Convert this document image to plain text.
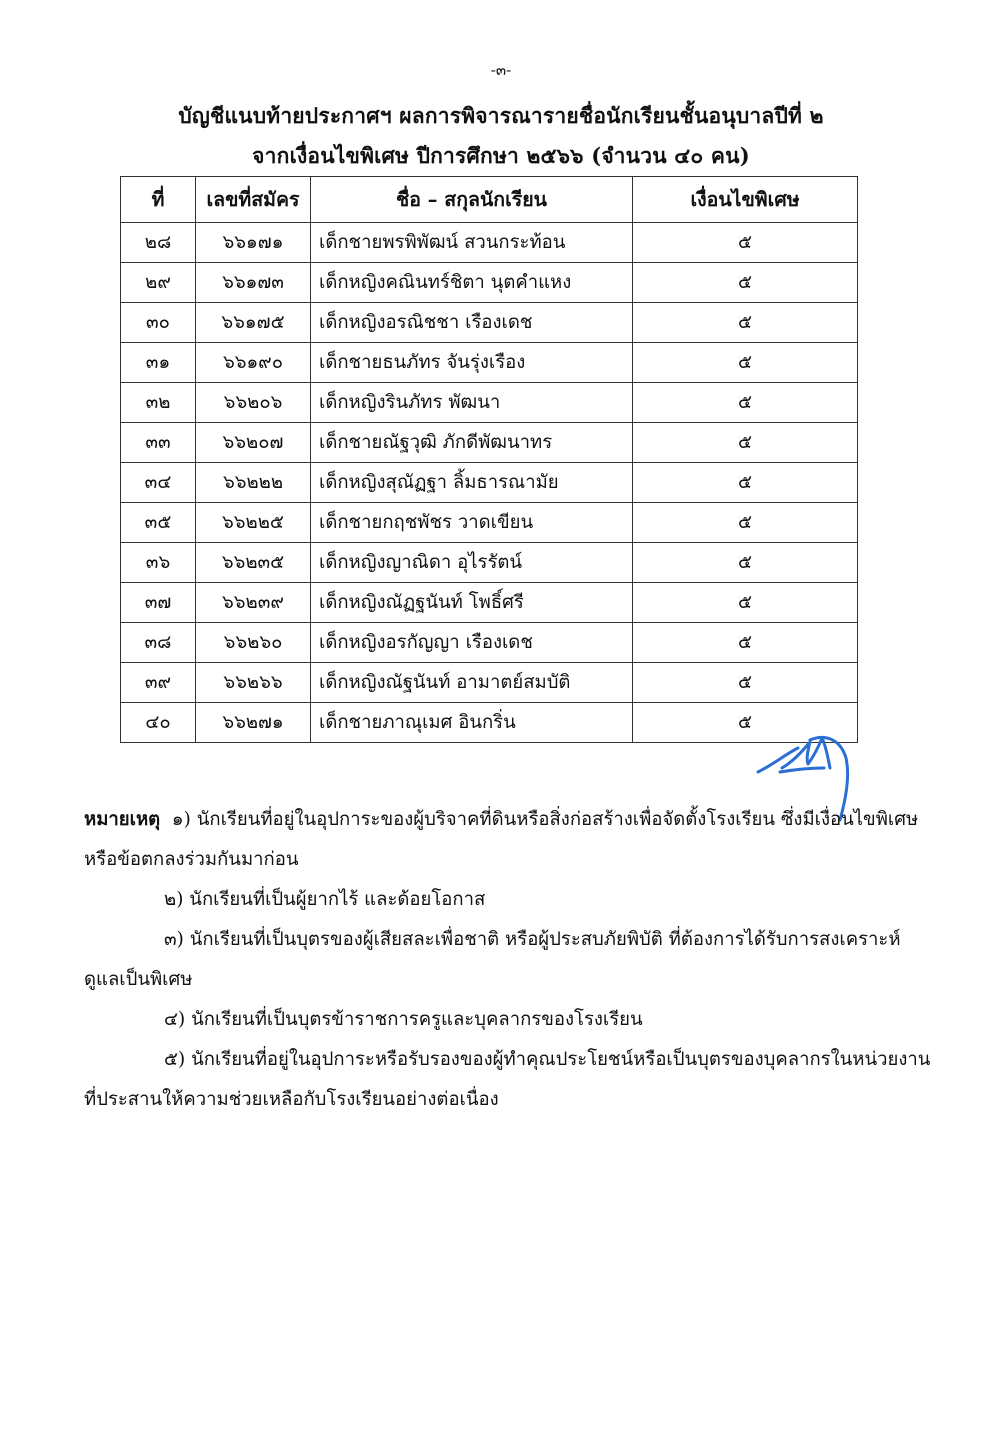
-๓-
บัญชีแนบท้ายประกาศฯ ผลการพิจารณารายชื่อนักเรียนชั้นอนุบาลปีที่ ๒
จากเงื่อนไขพิเศษ ปีการศึกษา ๒๕๖๖ (จำนวน ๔๐ คน)
ที่	เลขที่สมัคร	ชื่อ – สกุลนักเรียน	เงื่อนไขพิเศษ
๒๘	๖๖๑๗๑	เด็กชายพรพิพัฒน์ สวนกระท้อน	๕
๒๙	๖๖๑๗๓	เด็กหญิงคณินทร์ชิตา นุตคำแหง	๕
๓๐	๖๖๑๗๕	เด็กหญิงอรณิชชา เรืองเดช	๕
๓๑	๖๖๑๙๐	เด็กชายธนภัทร จันรุ่งเรือง	๕
๓๒	๖๖๒๐๖	เด็กหญิงรินภัทร พัฒนา	๕
๓๓	๖๖๒๐๗	เด็กชายณัฐวุฒิ ภักดีพัฒนาทร	๕
๓๔	๖๖๒๒๒	เด็กหญิงสุณัฏฐา ลิ้มธารณามัย	๕
๓๕	๖๖๒๒๕	เด็กชายกฤชพัชร วาดเขียน	๕
๓๖	๖๖๒๓๕	เด็กหญิงญาณิดา อุไรรัตน์	๕
๓๗	๖๖๒๓๙	เด็กหญิงณัฏฐนันท์ โพธิ์ศรี	๕
๓๘	๖๖๒๖๐	เด็กหญิงอรกัญญา เรืองเดช	๕
๓๙	๖๖๒๖๖	เด็กหญิงณัฐนันท์ อามาตย์สมบัติ	๕
๔๐	๖๖๒๗๑	เด็กชายภาณุเมศ อินกริ่น	๕

หมายเหตุ ๑) นักเรียนที่อยู่ในอุปการะของผู้บริจาคที่ดินหรือสิ่งก่อสร้างเพื่อจัดตั้งโรงเรียน ซึ่งมีเงื่อนไขพิเศษ

หรือข้อตกลงร่วมกันมาก่อน

๒) นักเรียนที่เป็นผู้ยากไร้ และด้อยโอกาส

๓) นักเรียนที่เป็นบุตรของผู้เสียสละเพื่อชาติ หรือผู้ประสบภัยพิบัติ ที่ต้องการได้รับการสงเคราะห์

ดูแลเป็นพิเศษ

๔) นักเรียนที่เป็นบุตรข้าราชการครูและบุคลากรของโรงเรียน

๕) นักเรียนที่อยู่ในอุปการะหรือรับรองของผู้ทำคุณประโยชน์หรือเป็นบุตรของบุคลากรในหน่วยงาน

ที่ประสานให้ความช่วยเหลือกับโรงเรียนอย่างต่อเนื่อง
